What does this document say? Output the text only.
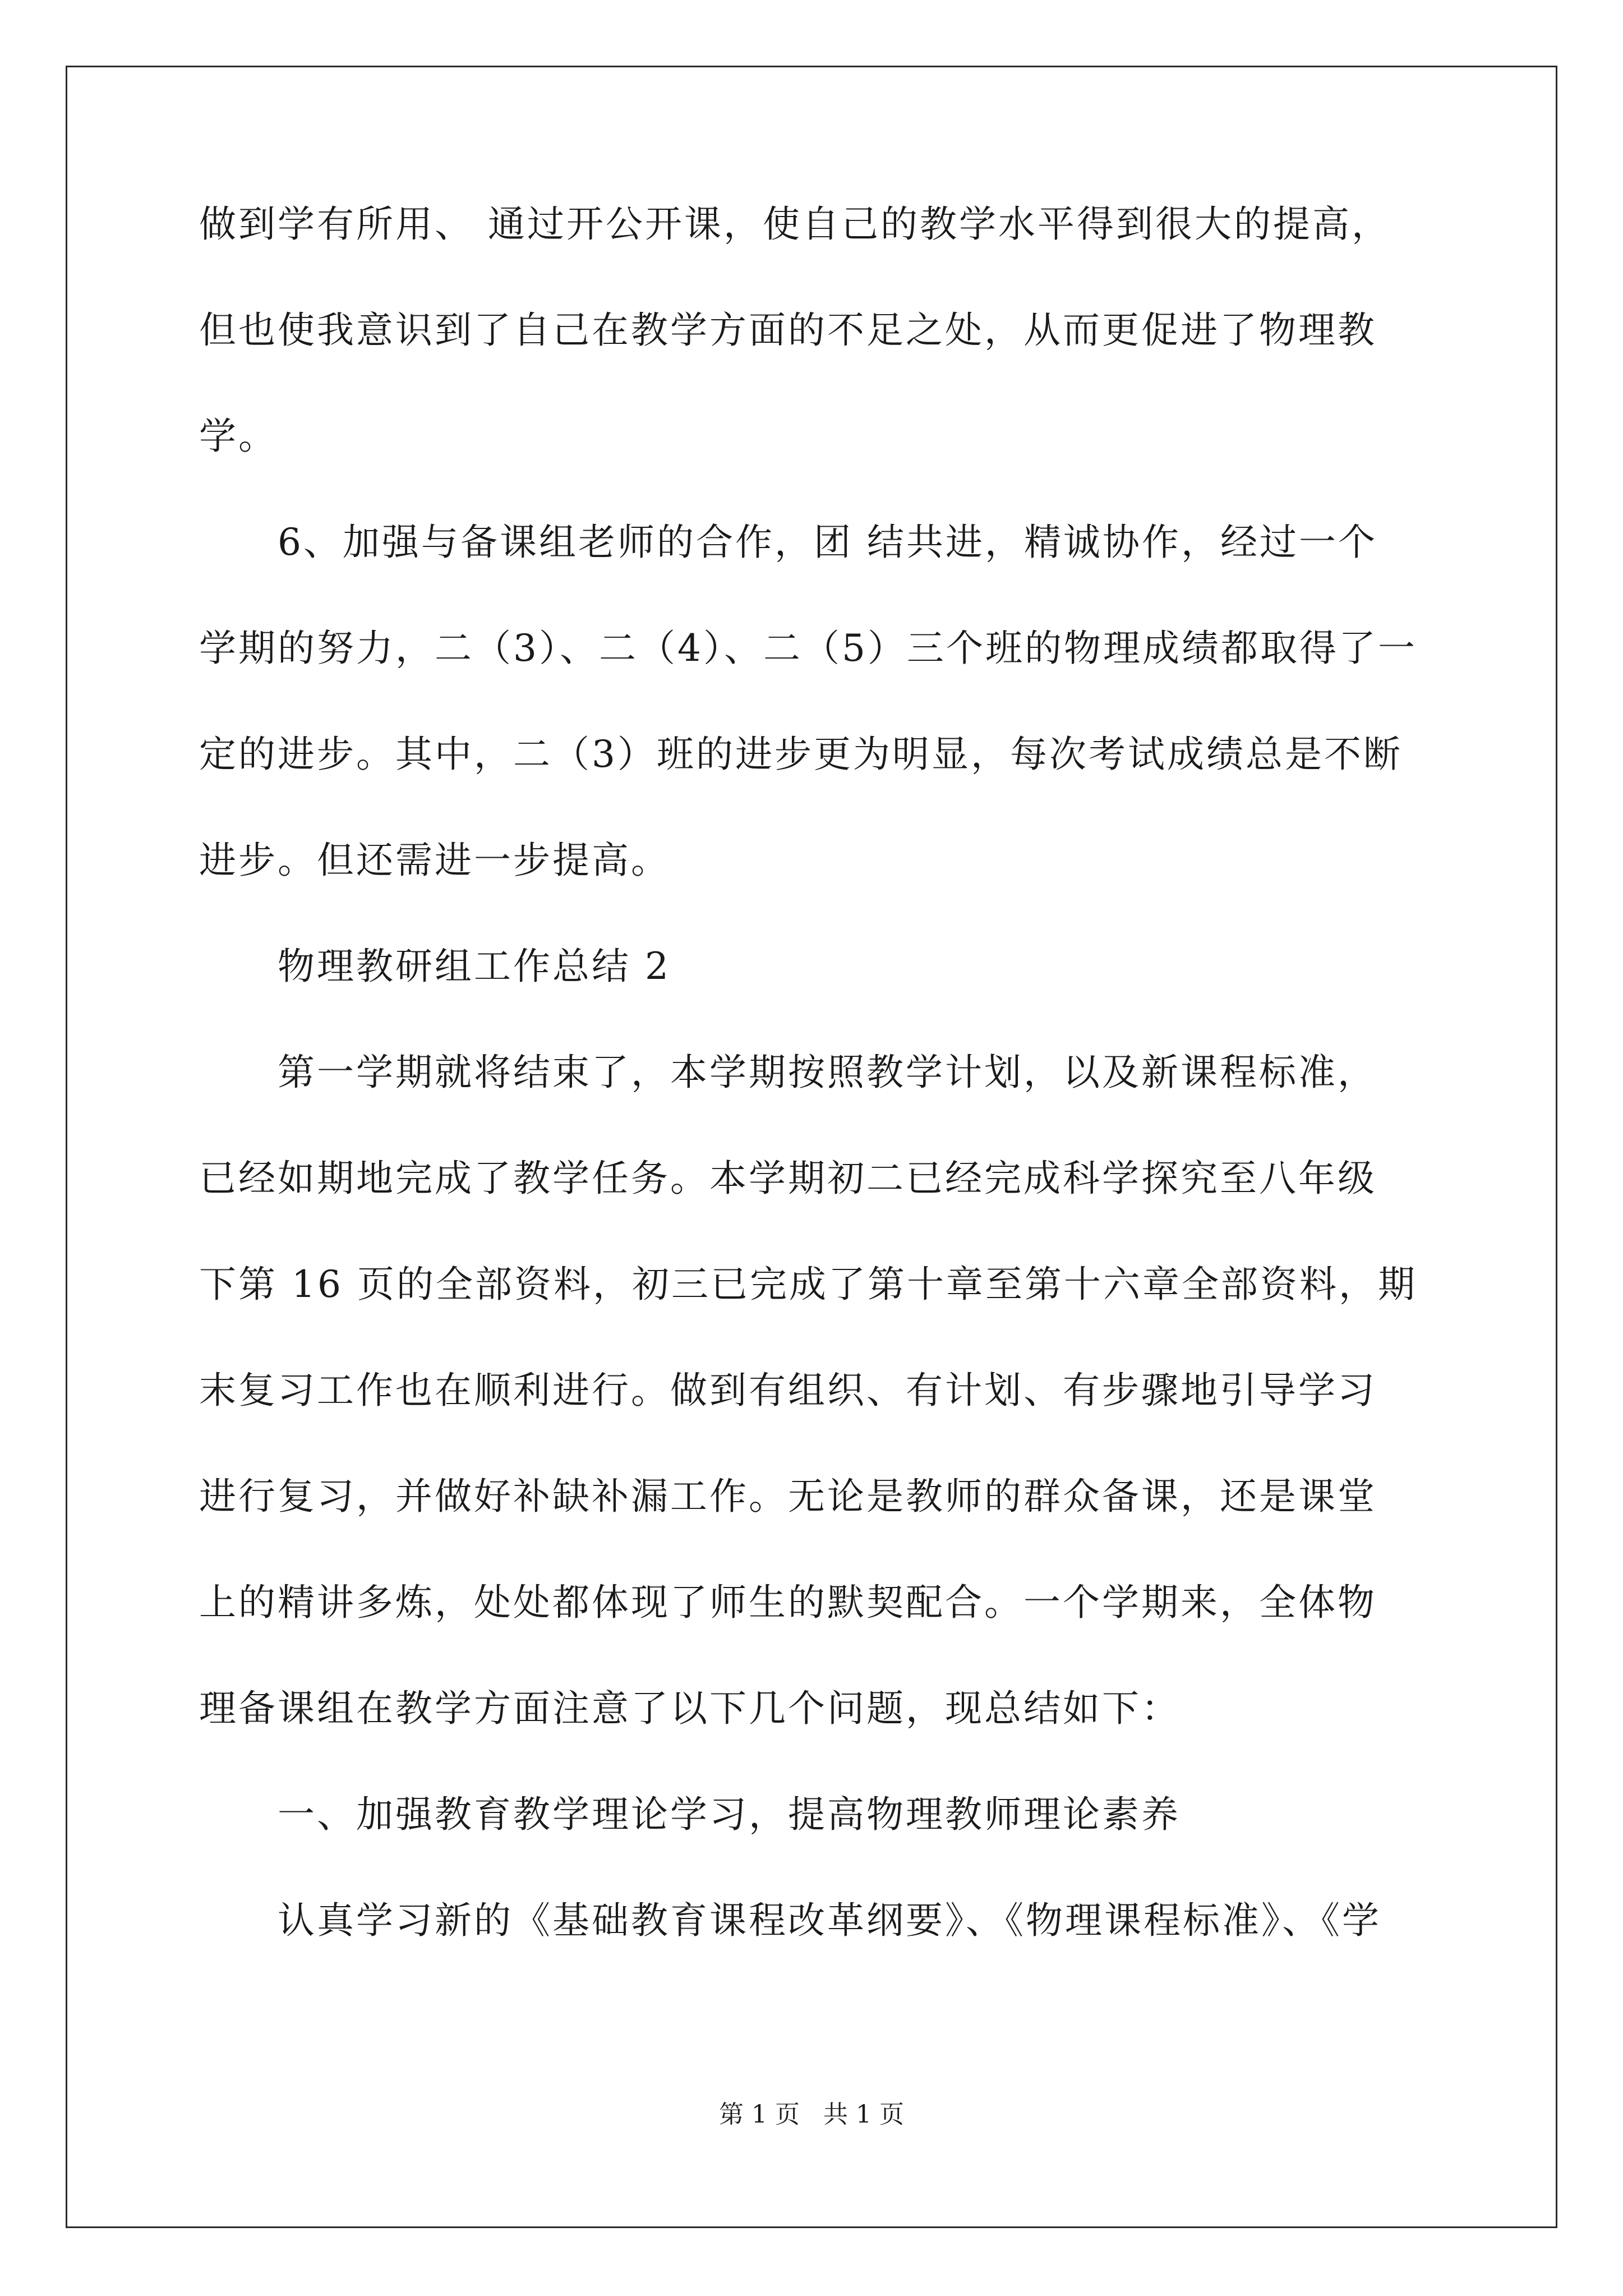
做到学有所用、 通过开公开课，使自己的教学水平得到很大的提高，
但也使我意识到了自己在教学方面的不足之处，从而更促进了物理教
学。
6、加强与备课组老师的合作，团 结共进，精诚协作，经过一个
学期的努力，二（3）、二（4）、二（5）三个班的物理成绩都取得了一
定的进步。其中，二（3）班的进步更为明显，每次考试成绩总是不断
进步。但还需进一步提高。
物理教研组工作总结 2
第一学期就将结束了，本学期按照教学计划，以及新课程标准，
已经如期地完成了教学任务。本学期初二已经完成科学探究至八年级
下第 16 页的全部资料，初三已完成了第十章至第十六章全部资料，期
末复习工作也在顺利进行。做到有组织、有计划、有步骤地引导学习
进行复习，并做好补缺补漏工作。无论是教师的群众备课，还是课堂
上的精讲多炼，处处都体现了师生的默契配合。一个学期来，全体物
理备课组在教学方面注意了以下几个问题，现总结如下：
一、加强教育教学理论学习，提高物理教师理论素养
认真学习新的《基础教育课程改革纲要》、《物理课程标准》、《学
第 1 页   共 1 页
